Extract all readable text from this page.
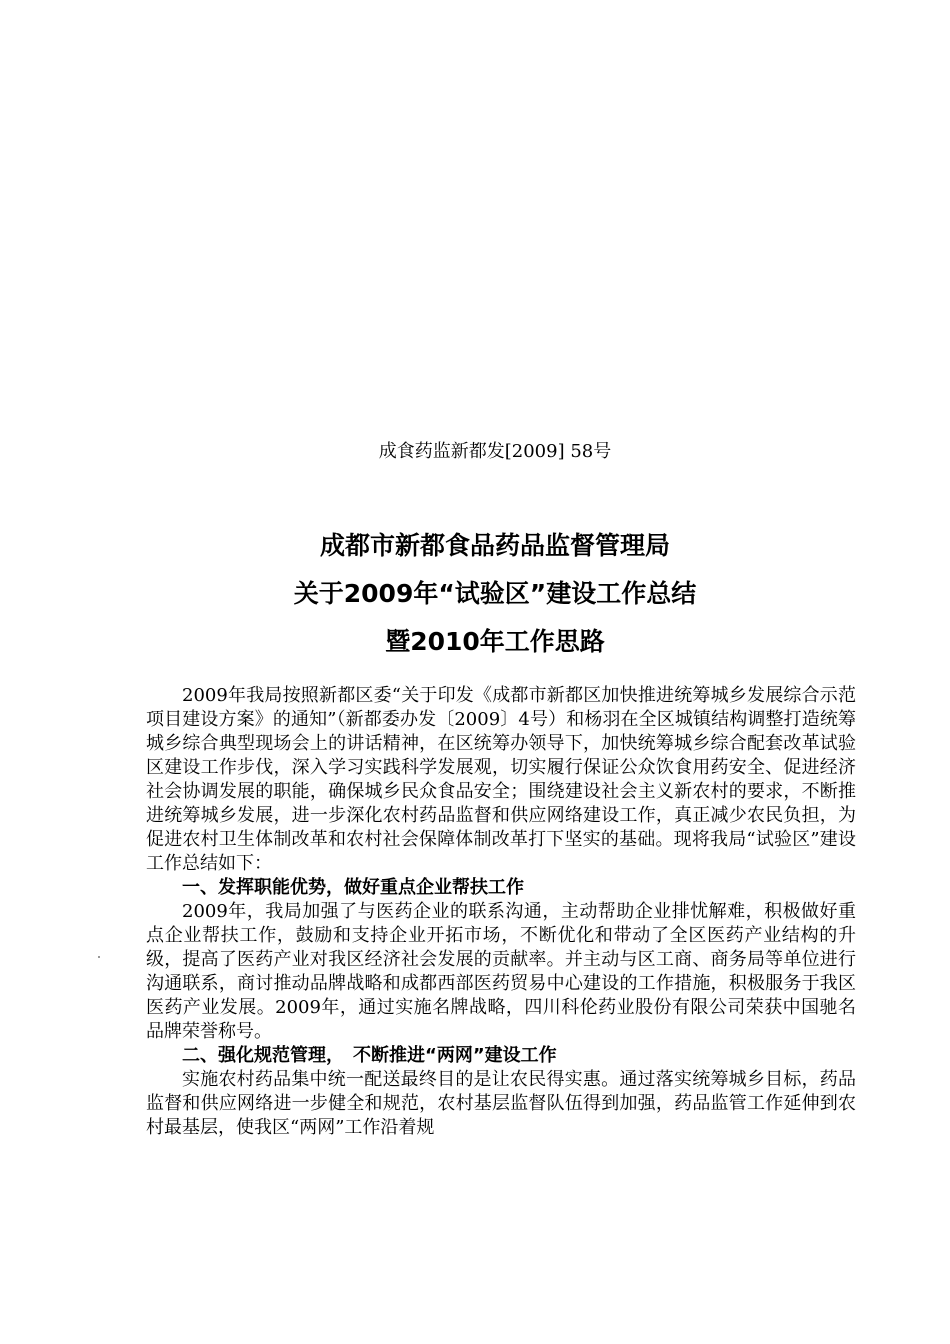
成食药监新都发[2009] 58号
成都市新都食品药品监督管理局
关于2009年“试验区”建设工作总结
暨2010年工作思路
2009年我局按照新都区委“关于印发《成都市新都区加快推进统筹城乡发展综合示范项目建设方案》的通知”（新都委办发〔2009〕4号）和杨羽在全区城镇结构调整打造统筹城乡综合典型现场会上的讲话精神，在区统筹办领导下，加快统筹城乡综合配套改革试验区建设工作步伐，深入学习实践科学发展观，切实履行保证公众饮食用药安全、促进经济社会协调发展的职能，确保城乡民众食品安全；围绕建设社会主义新农村的要求，不断推进统筹城乡发展，进一步深化农村药品监督和供应网络建设工作，真正减少农民负担，为促进农村卫生体制改革和农村社会保障体制改革打下坚实的基础。现将我局“试验区”建设工作总结如下：
一、发挥职能优势，做好重点企业帮扶工作
2009年，我局加强了与医药企业的联系沟通，主动帮助企业排忧解难，积极做好重点企业帮扶工作，鼓励和支持企业开拓市场，不断优化和带动了全区医药产业结构的升级，提高了医药产业对我区经济社会发展的贡献率。并主动与区工商、商务局等单位进行沟通联系，商讨推动品牌战略和成都西部医药贸易中心建设的工作措施，积极服务于我区医药产业发展。2009年，通过实施名牌战略，四川科伦药业股份有限公司荣获中国驰名品牌荣誉称号。
二、强化规范管理，　不断推进“两网”建设工作
实施农村药品集中统一配送最终目的是让农民得实惠。通过落实统筹城乡目标，药品监督和供应网络进一步健全和规范，农村基层监督队伍得到加强，药品监管工作延伸到农村最基层，使我区“两网”工作沿着规
